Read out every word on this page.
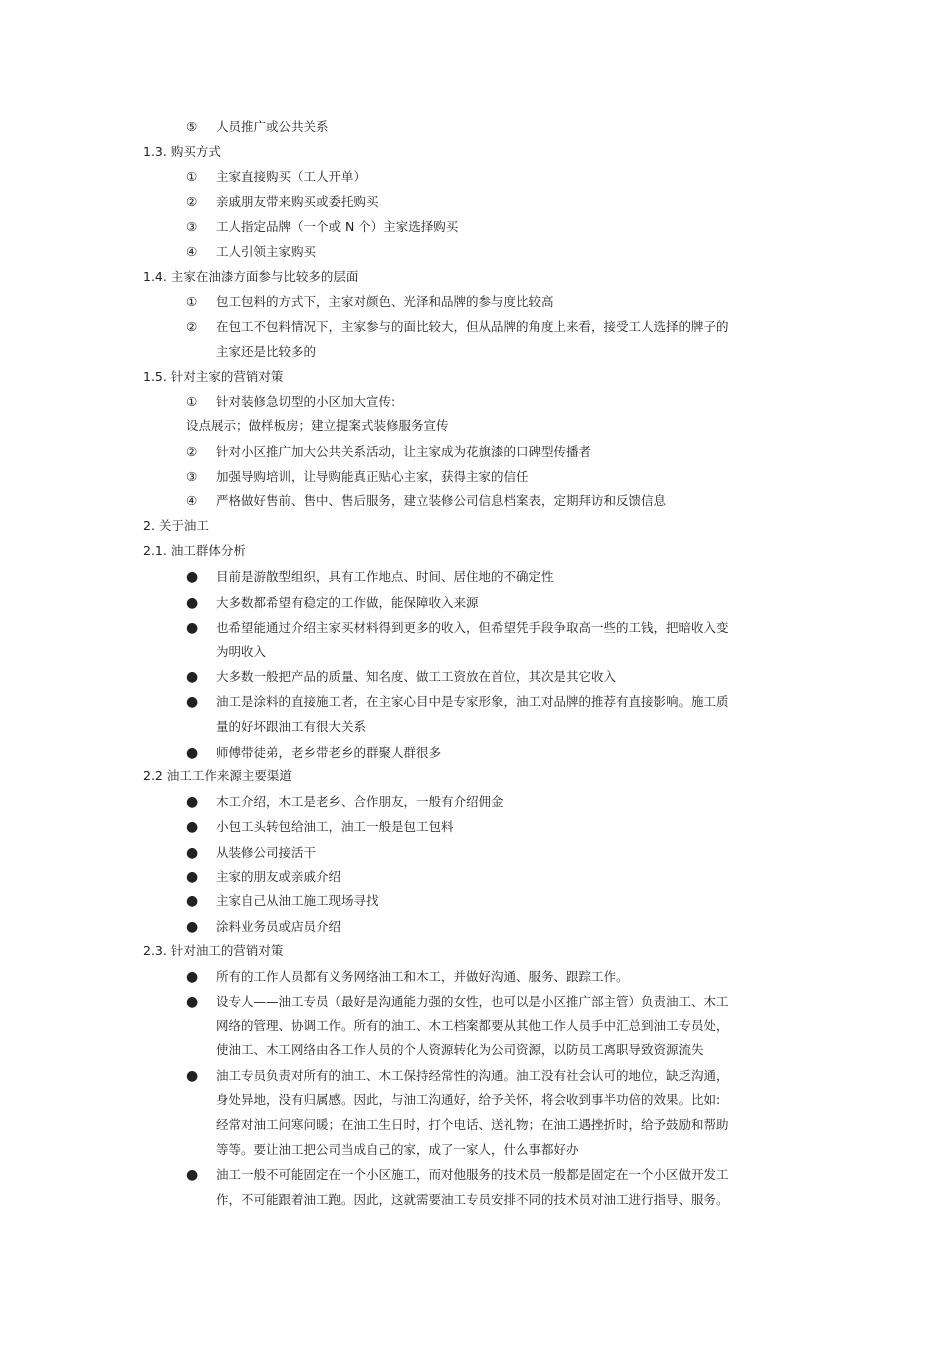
⑤	人员推广或公共关系
1.3. 购买方式
①	主家直接购买（工人开单）
②	亲戚朋友带来购买或委托购买
③	工人指定品牌（一个或 N 个）主家选择购买
④	工人引领主家购买
1.4. 主家在油漆方面参与比较多的层面
①	包工包料的方式下，主家对颜色、光泽和品牌的参与度比较高
②	在包工不包料情况下，主家参与的面比较大，但从品牌的角度上来看，接受工人选择的牌子的
主家还是比较多的
1.5. 针对主家的营销对策
①	针对装修急切型的小区加大宣传:
设点展示；做样板房；建立提案式装修服务宣传
②	针对小区推广加大公共关系活动，让主家成为花旗漆的口碑型传播者
③	加强导购培训，让导购能真正贴心主家，获得主家的信任
④	严格做好售前、售中、售后服务，建立装修公司信息档案表，定期拜访和反馈信息
2. 关于油工
2.1. 油工群体分析
● 目前是游散型组织，具有工作地点、时间、居住地的不确定性
● 大多数都希望有稳定的工作做，能保障收入来源
● 也希望能通过介绍主家买材料得到更多的收入，但希望凭手段争取高一些的工钱，把暗收入变
为明收入
● 大多数一般把产品的质量、知名度、做工工资放在首位，其次是其它收入
● 油工是涂料的直接施工者，在主家心目中是专家形象，油工对品牌的推荐有直接影响。施工质
量的好坏跟油工有很大关系
● 师傅带徒弟，老乡带老乡的群聚人群很多
2.2 油工工作来源主要渠道
● 木工介绍，木工是老乡、合作朋友，一般有介绍佣金
● 小包工头转包给油工，油工一般是包工包料
● 从装修公司接活干
● 主家的朋友或亲戚介绍
● 主家自己从油工施工现场寻找
● 涂料业务员或店员介绍
2.3. 针对油工的营销对策
● 所有的工作人员都有义务网络油工和木工，并做好沟通、服务、跟踪工作。
● 设专人——油工专员（最好是沟通能力强的女性，也可以是小区推广部主管）负责油工、木工
网络的管理、协调工作。所有的油工、木工档案都要从其他工作人员手中汇总到油工专员处，
使油工、木工网络由各工作人员的个人资源转化为公司资源，以防员工离职导致资源流失
● 油工专员负责对所有的油工、木工保持经常性的沟通。油工没有社会认可的地位，缺乏沟通，
身处异地，没有归属感。因此，与油工沟通好，给予关怀，将会收到事半功倍的效果。比如:
经常对油工问寒问暖；在油工生日时，打个电话、送礼物；在油工遇挫折时，给予鼓励和帮助
等等。要让油工把公司当成自己的家，成了一家人，什么事都好办
● 油工一般不可能固定在一个小区施工，而对他服务的技术员一般都是固定在一个小区做开发工
作，不可能跟着油工跑。因此，这就需要油工专员安排不同的技术员对油工进行指导、服务。
